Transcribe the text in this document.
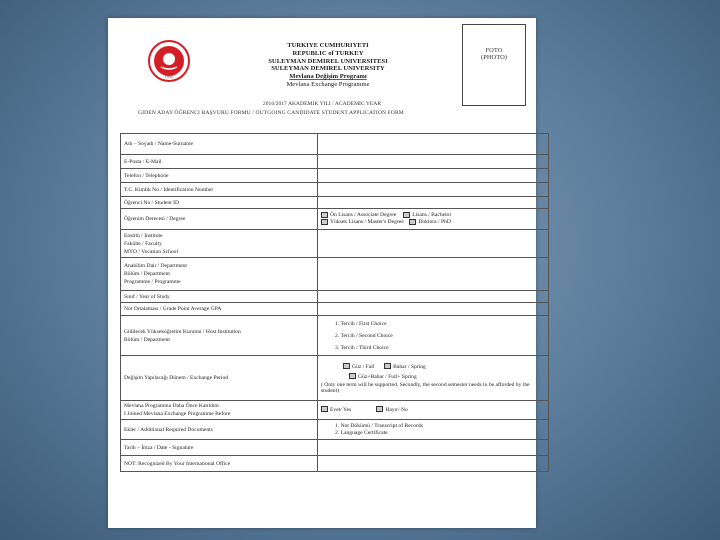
1992
TURKIYE CUMHURIYETI
REPUBLIC of TURKEY
SULEYMAN DEMIREL UNIVERSITESI
SULEYMAN DEMIREL UNIVERSITY
Mevlana Değişim Programı
Mevlana Exchange Programme
FOTO
(PHOTO)
2016/2017 AKADEMIK YILI / ACADEMIC YEAR
GIDEN ADAY ÖĞRENCI BAŞVURU FORMU / OUTGOING CANDIDATE STUDENT APPLICATION FORM
Adı – Soyadı / Name-Surname	

E-Posta / E-Mail	

Telefon / Telephone	

T.C. Kimlik No / Identification Number	

Öğrenci No / Student ID	

Öğrenim Derecesi / Degree	Ön Lisans / Associate Degree Lisans / Bachelor
Yüksek Lisans / Master's Degree Doktora / PhD

Enstitü / Institute
Fakülte / Faculty
MYO / Vocation School	

Anabilim Dalı / Department
Bölüm / Department
Programme / Programme	

Sınıf / Year of Study	

Not Ortalaması / Grade Point Average GPA	

Gidilecek Yükseköğretim Kurumu / Host Institution
Bölüm / Department	1. Tercih / First Choice
2. Tercih / Second Choice
3. Tercih / Third Choice

Değişim Yapılacağı Dönem / Exchange Period	Güz / Fall Bahar / Spring
Güz+Bahar / Full+ Spring
( Only one term will be supported. Secondly, the second semester needs to be afforded by the student)

Mevlana Programına Daha Önce Katıldım
I Joined Mevlana Exchange Programme Before	Evet/ Yes Hayır/ No

Ekler / Additional Required Documents	1. Not Dökümü / Transcript of Records
2. Language Certificate

Tarih – İmza / Date - Signature	

NOT: Recognized By Your International Office	
